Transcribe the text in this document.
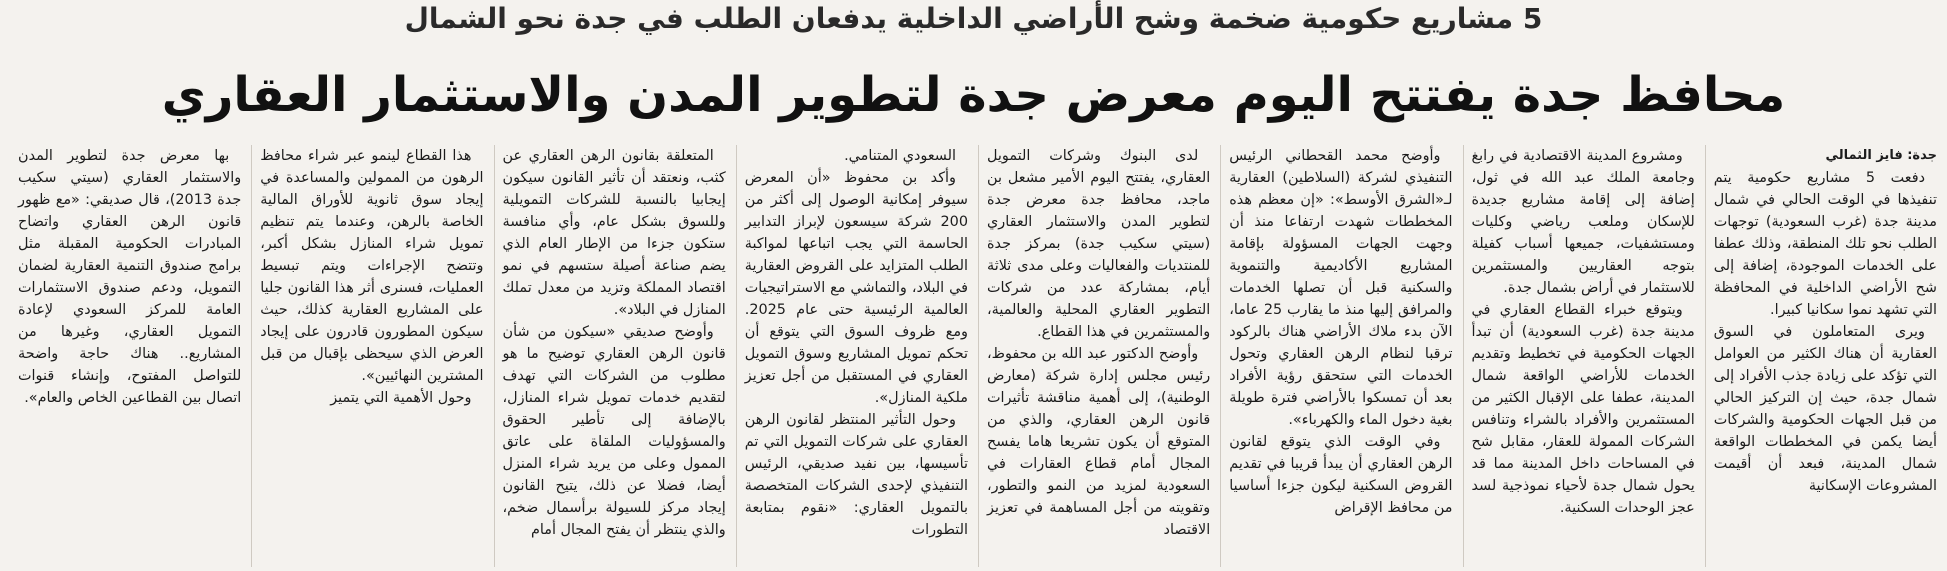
5 مشاريع حكومية ضخمة وشح الأراضي الداخلية يدفعان الطلب في جدة نحو الشمال
محافظ جدة يفتتح اليوم معرض جدة لتطوير المدن والاستثمار العقاري

جدة: فايز الثمالي

دفعت 5 مشاريع حكومية يتم تنفيذها في الوقت الحالي في شمال مدينة جدة (غرب السعودية) توجهات الطلب نحو تلك المنطقة، وذلك عطفا على الخدمات الموجودة، إضافة إلى شح الأراضي الداخلية في المحافظة التي تشهد نموا سكانيا كبيرا.

ويرى المتعاملون في السوق العقارية أن هناك الكثير من العوامل التي تؤكد على زيادة جذب الأفراد إلى شمال جدة، حيث إن التركيز الحالي من قبل الجهات الحكومية والشركات أيضا يكمن في المخططات الواقعة شمال المدينة، فبعد أن أقيمت المشروعات الإسكانية

ومشروع المدينة الاقتصادية في رابغ وجامعة الملك عبد الله في ثول، إضافة إلى إقامة مشاريع جديدة للإسكان وملعب رياضي وكليات ومستشفيات، جميعها أسباب كفيلة بتوجه العقاريين والمستثمرين للاستثمار في أراض بشمال جدة.

ويتوقع خبراء القطاع العقاري في مدينة جدة (غرب السعودية) أن تبدأ الجهات الحكومية في تخطيط وتقديم الخدمات للأراضي الواقعة شمال المدينة، عطفا على الإقبال الكثير من المستثمرين والأفراد بالشراء وتنافس الشركات الممولة للعقار، مقابل شح في المساحات داخل المدينة مما قد يحول شمال جدة لأحياء نموذجية لسد عجز الوحدات السكنية.

وأوضح محمد القحطاني الرئيس التنفيذي لشركة (السلاطين) العقارية لـ«الشرق الأوسط»: «إن معظم هذه المخططات شهدت ارتفاعا منذ أن وجهت الجهات المسؤولة بإقامة المشاريع الأكاديمية والتنموية والسكنية قبل أن تصلها الخدمات والمرافق إليها منذ ما يقارب 25 عاما، الآن بدء ملاك الأراضي هناك بالركود ترقبا لنظام الرهن العقاري وتحول الخدمات التي ستحقق رؤية الأفراد بعد أن تمسكوا بالأراضي فترة طويلة بغية دخول الماء والكهرباء».

وفي الوقت الذي يتوقع لقانون الرهن العقاري أن يبدأ قريبا في تقديم القروض السكنية ليكون جزءا أساسيا من محافظ الإقراض

لدى البنوك وشركات التمويل العقاري، يفتتح اليوم الأمير مشعل بن ماجد، محافظ جدة معرض جدة لتطوير المدن والاستثمار العقاري (سيتي سكيب جدة) بمركز جدة للمنتديات والفعاليات وعلى مدى ثلاثة أيام، بمشاركة عدد من شركات التطوير العقاري المحلية والعالمية، والمستثمرين في هذا القطاع.

وأوضح الدكتور عبد الله بن محفوظ، رئيس مجلس إدارة شركة (معارض الوطنية)، إلى أهمية مناقشة تأثيرات قانون الرهن العقاري، والذي من المتوقع أن يكون تشريعا هاما يفسح المجال أمام قطاع العقارات في السعودية لمزيد من النمو والتطور، وتقويته من أجل المساهمة في تعزيز الاقتصاد

السعودي المتنامي.

وأكد بن محفوظ «أن المعرض سيوفر إمكانية الوصول إلى أكثر من 200 شركة سيسعون لإبراز التدابير الحاسمة التي يجب اتباعها لمواكبة الطلب المتزايد على القروض العقارية في البلاد، والتماشي مع الاستراتيجيات العالمية الرئيسية حتى عام 2025. ومع ظروف السوق التي يتوقع أن تحكم تمويل المشاريع وسوق التمويل العقاري في المستقبل من أجل تعزيز ملكية المنازل».

وحول التأثير المنتظر لقانون الرهن العقاري على شركات التمويل التي تم تأسيسها، بين نفيد صديقي، الرئيس التنفيذي لإحدى الشركات المتخصصة بالتمويل العقاري: «نقوم بمتابعة التطورات

المتعلقة بقانون الرهن العقاري عن كثب، ونعتقد أن تأثير القانون سيكون إيجابيا بالنسبة للشركات التمويلية وللسوق بشكل عام، وأي منافسة ستكون جزءا من الإطار العام الذي يضم صناعة أصيلة ستسهم في نمو اقتصاد المملكة وتزيد من معدل تملك المنازل في البلاد».

وأوضح صديقي «سيكون من شأن قانون الرهن العقاري توضيح ما هو مطلوب من الشركات التي تهدف لتقديم خدمات تمويل شراء المنازل، بالإضافة إلى تأطير الحقوق والمسؤوليات الملقاة على عاتق الممول وعلى من يريد شراء المنزل أيضا، فضلا عن ذلك، يتيح القانون إيجاد مركز للسيولة برأسمال ضخم، والذي ينتظر أن يفتح المجال أمام

هذا القطاع لينمو عبر شراء محافظ الرهون من الممولين والمساعدة في إيجاد سوق ثانوية للأوراق المالية الخاصة بالرهن، وعندما يتم تنظيم تمويل شراء المنازل بشكل أكبر، وتتضح الإجراءات ويتم تبسيط العمليات، فسنرى أثر هذا القانون جليا على المشاريع العقارية كذلك، حيث سيكون المطورون قادرون على إيجاد العرض الذي سيحظى بإقبال من قبل المشترين النهائيين».

وحول الأهمية التي يتميز

بها معرض جدة لتطوير المدن والاستثمار العقاري (سيتي سكيب جدة 2013)، قال صديقي: «مع ظهور قانون الرهن العقاري واتضاح المبادرات الحكومية المقبلة مثل برامج صندوق التنمية العقارية لضمان التمويل، ودعم صندوق الاستثمارات العامة للمركز السعودي لإعادة التمويل العقاري، وغيرها من المشاريع.. هناك حاجة واضحة للتواصل المفتوح، وإنشاء قنوات اتصال بين القطاعين الخاص والعام».
